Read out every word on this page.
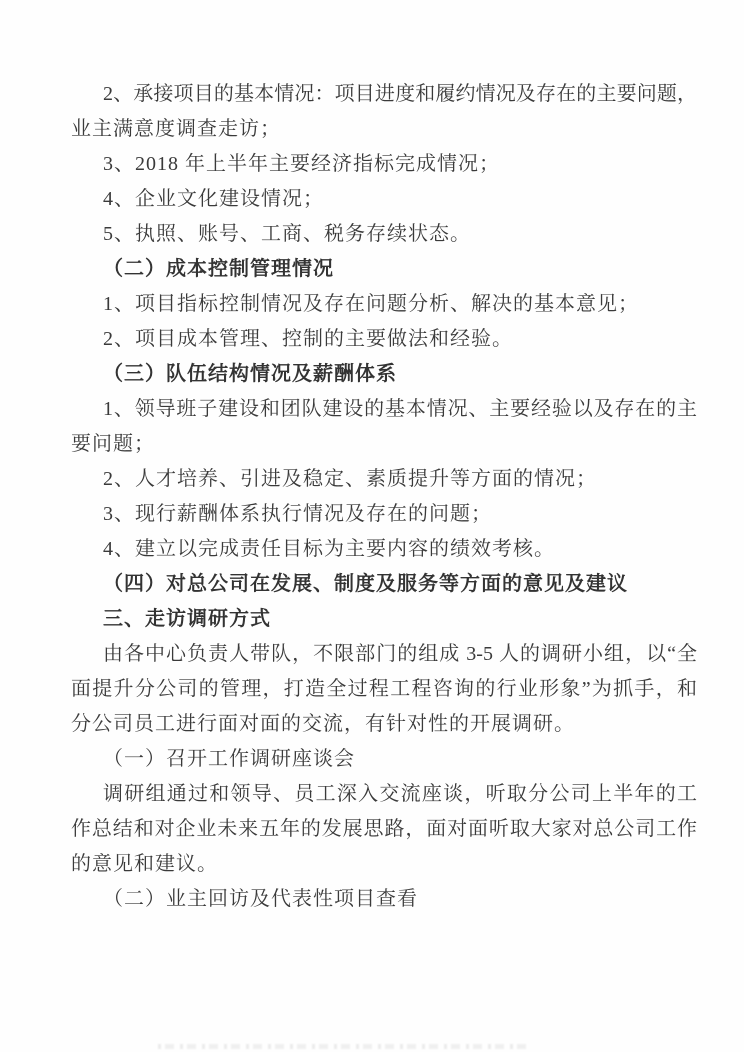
2、承接项目的基本情况：项目进度和履约情况及存在的主要问题，
业主满意度调查走访；
3、2018 年上半年主要经济指标完成情况；
4、企业文化建设情况；
5、执照、账号、工商、税务存续状态。
（二）成本控制管理情况
1、项目指标控制情况及存在问题分析、解决的基本意见；
2、项目成本管理、控制的主要做法和经验。
（三）队伍结构情况及薪酬体系
1、领导班子建设和团队建设的基本情况、主要经验以及存在的主
要问题；
2、人才培养、引进及稳定、素质提升等方面的情况；
3、现行薪酬体系执行情况及存在的问题；
4、建立以完成责任目标为主要内容的绩效考核。
（四）对总公司在发展、制度及服务等方面的意见及建议
三、走访调研方式
由各中心负责人带队，不限部门的组成 3-5 人的调研小组，以“全
面提升分公司的管理，打造全过程工程咨询的行业形象”为抓手，和
分公司员工进行面对面的交流，有针对性的开展调研。
（一）召开工作调研座谈会
调研组通过和领导、员工深入交流座谈，听取分公司上半年的工
作总结和对企业未来五年的发展思路，面对面听取大家对总公司工作
的意见和建议。
（二）业主回访及代表性项目查看
